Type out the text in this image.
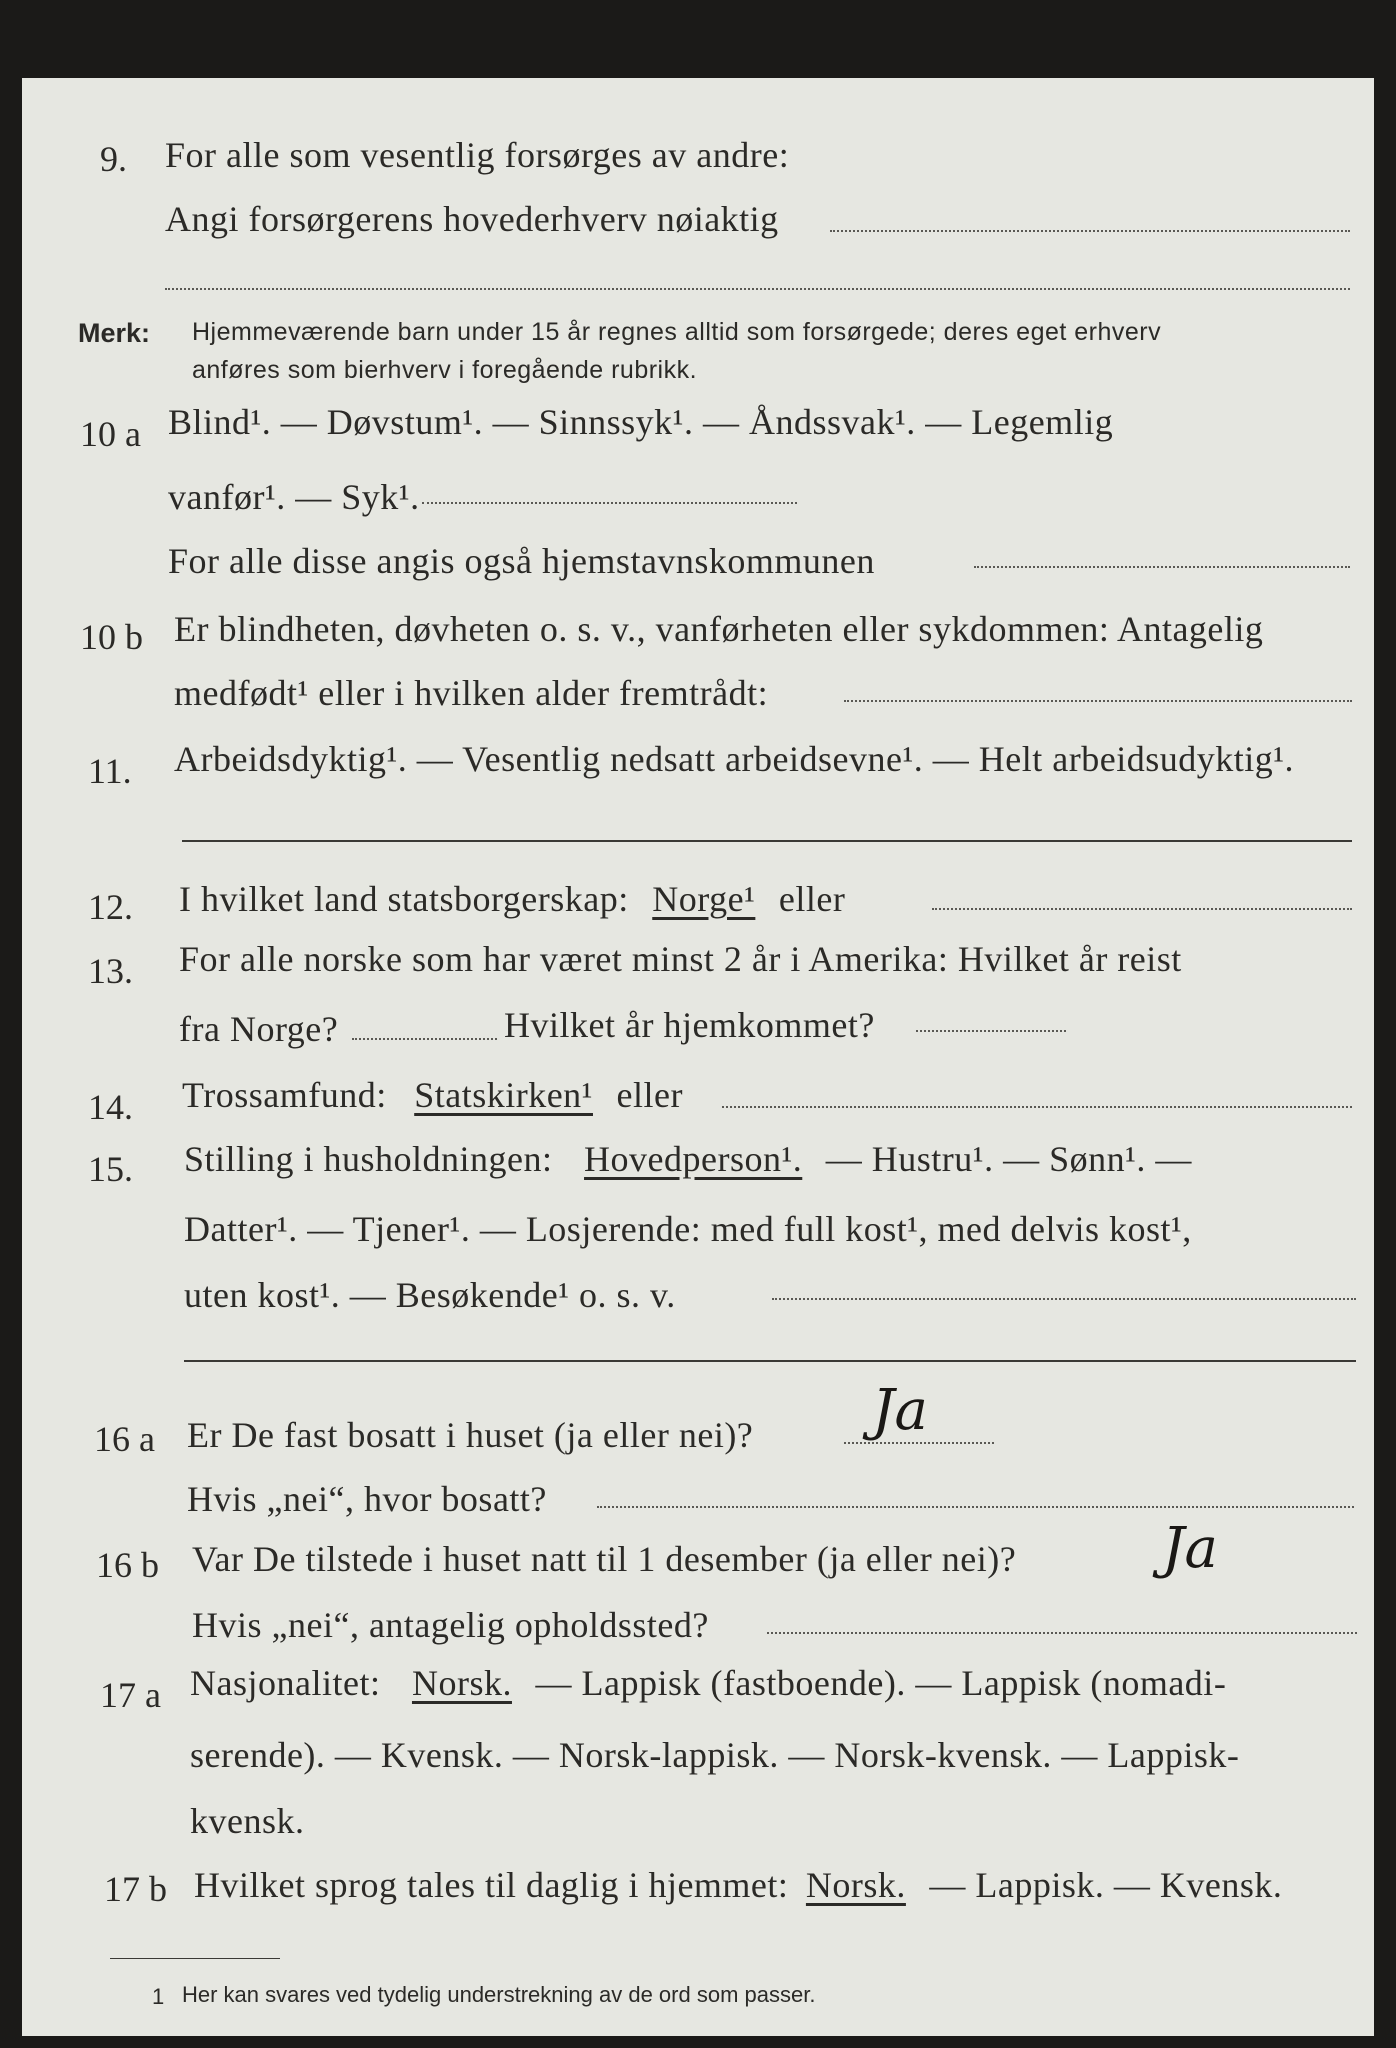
9. For alle som vesentlig forsørges av andre:
Angi forsørgerens hovederhverv nøiaktig
Merk: Hjemmeværende barn under 15 år regnes alltid som forsørgede; deres eget erhverv
anføres som bierhverv i foregående rubrikk.
10 a Blind¹. — Døvstum¹. — Sinnssyk¹. — Åndssvak¹. — Legemlig
vanfør¹. — Syk¹.
For alle disse angis også hjemstavnskommunen
10 b Er blindheten, døvheten o. s. v., vanførheten eller sykdommen: Antagelig
medfødt¹ eller i hvilken alder fremtrådt:
11. Arbeidsdyktig¹. — Vesentlig nedsatt arbeidsevne¹. — Helt arbeidsudyktig¹.
12. I hvilket land statsborgerskap: Norge¹ eller
13. For alle norske som har været minst 2 år i Amerika: Hvilket år reist
fra Norge?	Hvilket år hjemkommet?
14. Trossamfund: Statskirken¹ eller
15. Stilling i husholdningen: Hovedperson¹. — Hustru¹. — Sønn¹. —
Datter¹. — Tjener¹. — Losjerende: med full kost¹, med delvis kost¹,
uten kost¹. — Besøkende¹ o. s. v.
16 a Er De fast bosatt i huset (ja eller nei)? Ja
Hvis „nei“, hvor bosatt?
16 b Var De tilstede i huset natt til 1 desember (ja eller nei)?	Ja
Hvis „nei“, antagelig opholdssted?
17 a Nasjonalitet: Norsk. — Lappisk (fastboende). — Lappisk (nomadi-
serende). — Kvensk. — Norsk-lappisk. — Norsk-kvensk. — Lappisk-
kvensk.
17 b Hvilket sprog tales til daglig i hjemmet: Norsk. — Lappisk. — Kvensk.
1 Her kan svares ved tydelig understrekning av de ord som passer.
